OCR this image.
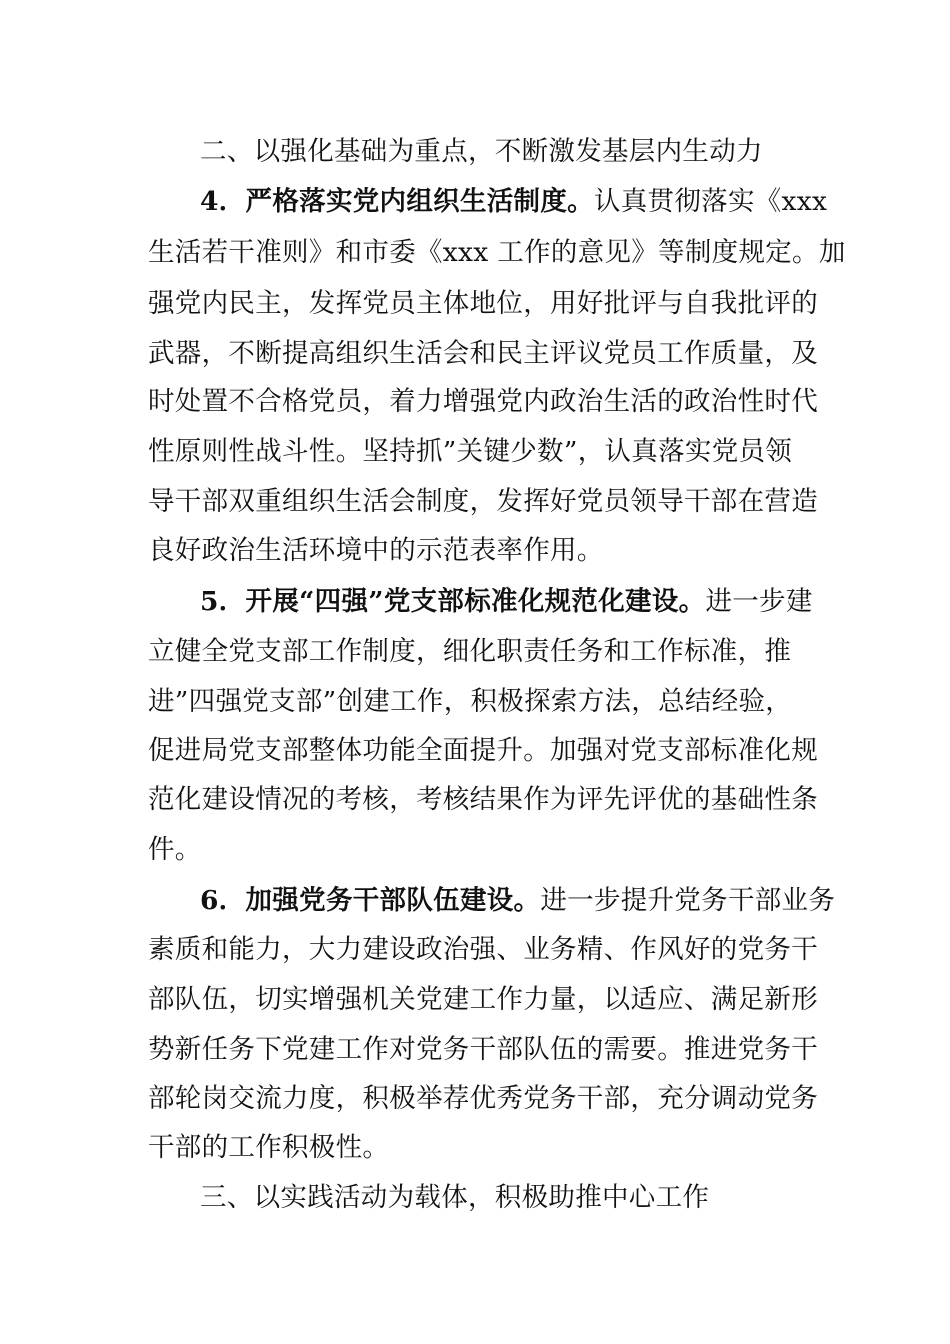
二、以强化基础为重点，不断激发基层内生动力
4．严格落实党内组织生活制度。认真贯彻落实《xxx
生活若干准则》和市委《xxx 工作的意见》等制度规定。加
强党内民主，发挥党员主体地位，用好批评与自我批评的
武器，不断提高组织生活会和民主评议党员工作质量，及
时处置不合格党员，着力增强党内政治生活的政治性时代
性原则性战斗性。坚持抓”关键少数”，认真落实党员领
导干部双重组织生活会制度，发挥好党员领导干部在营造
良好政治生活环境中的示范表率作用。
5．开展“四强”党支部标准化规范化建设。进一步建
立健全党支部工作制度，细化职责任务和工作标准，推
进”四强党支部”创建工作，积极探索方法，总结经验，
促进局党支部整体功能全面提升。加强对党支部标准化规
范化建设情况的考核，考核结果作为评先评优的基础性条
件。
6．加强党务干部队伍建设。进一步提升党务干部业务
素质和能力，大力建设政治强、业务精、作风好的党务干
部队伍，切实增强机关党建工作力量，以适应、满足新形
势新任务下党建工作对党务干部队伍的需要。推进党务干
部轮岗交流力度，积极举荐优秀党务干部，充分调动党务
干部的工作积极性。
三、以实践活动为载体，积极助推中心工作
